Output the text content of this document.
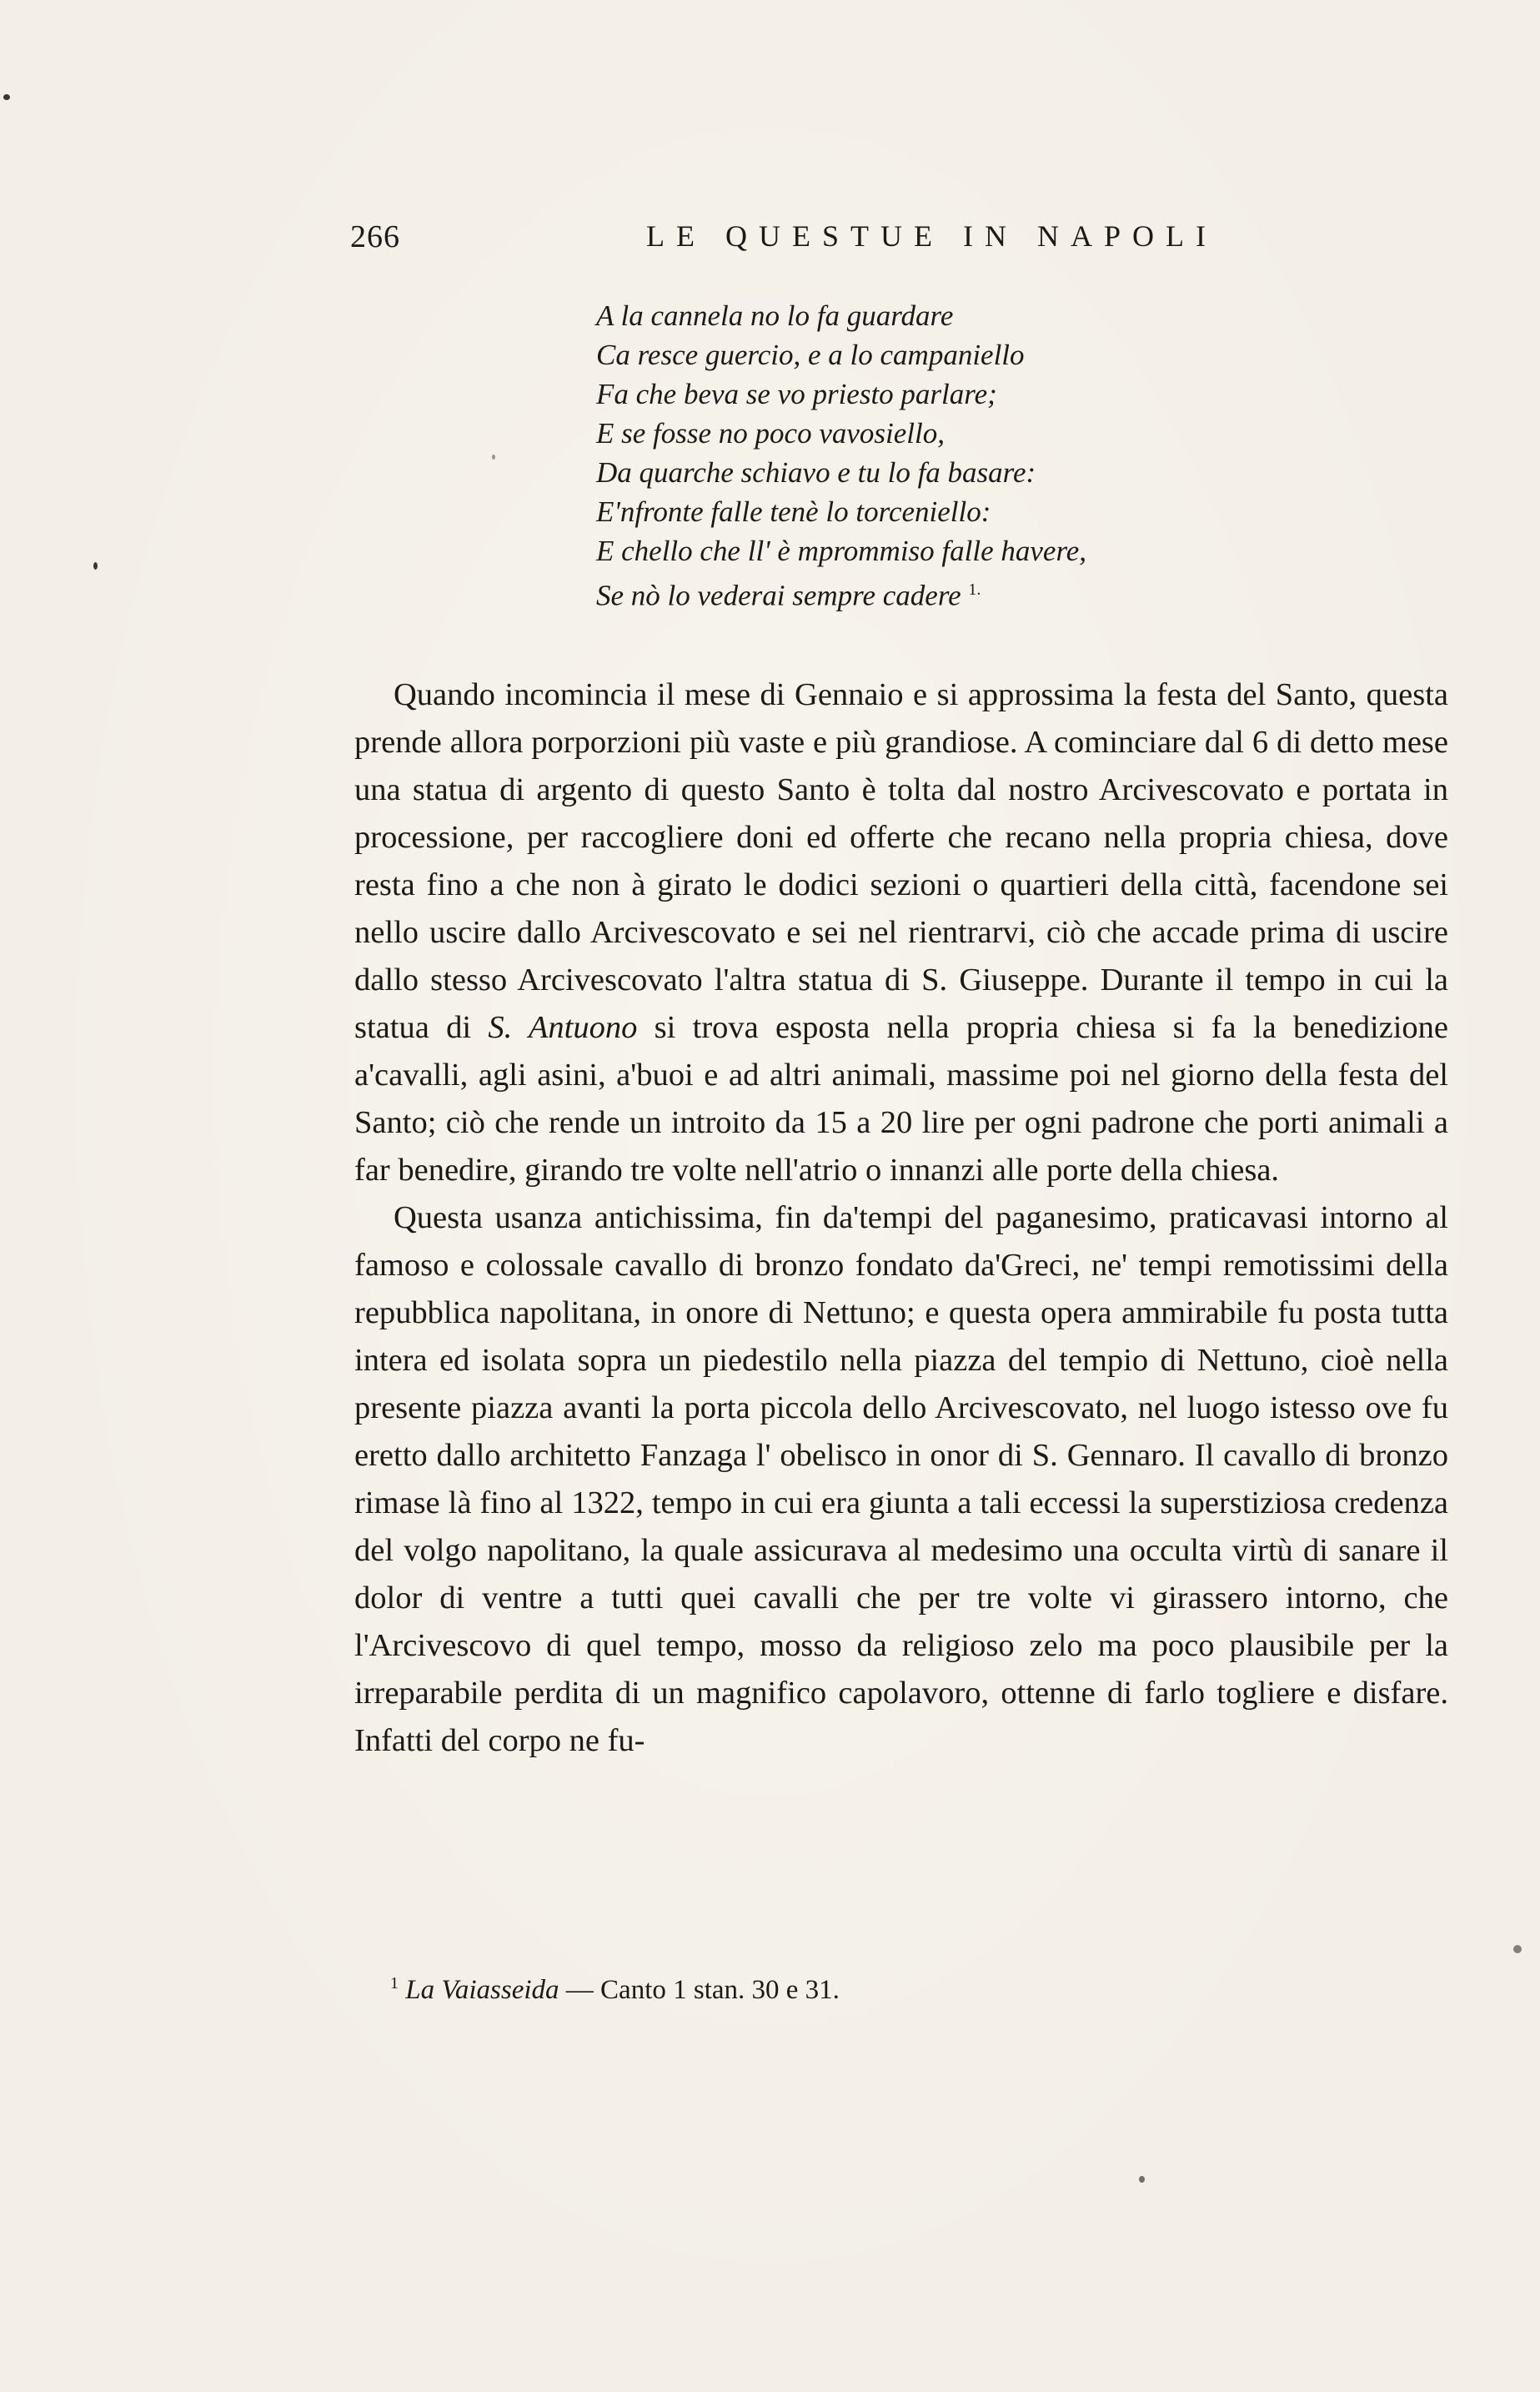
266	LE QUESTUE IN NAPOLI
A la cannela no lo fa guardare
Ca resce guercio, e a lo campaniello
Fa che beva se vo priesto parlare;
E se fosse no poco vavosiello,
Da quarche schiavo e tu lo fa basare:
E'nfronte falle tenè lo torceniello:
E chello che ll' è mprommiso falle havere,
Se nò lo vederai sempre cadere $^{1.}$

Quando incomincia il mese di Gennaio e si approssima la festa del Santo, questa prende allora porporzioni più vaste e più grandiose. A cominciare dal 6 di detto mese una statua di argento di questo Santo è tolta dal nostro Arcivescovato e portata in processione, per raccogliere doni ed offerte che recano nella propria chiesa, dove resta fino a che non à girato le dodici sezioni o quartieri della città, facendone sei nello uscire dallo Arcivescovato e sei nel rientrarvi, ciò che accade prima di uscire dallo stesso Arcivescovato l'altra statua di S. Giuseppe. Durante il tempo in cui la statua di S. Antuono si trova esposta nella propria chiesa si fa la benedizione a'cavalli, agli asini, a'buoi e ad altri animali, massime poi nel giorno della festa del Santo; ciò che rende un introito da 15 a 20 lire per ogni padrone che porti animali a far benedire, girando tre volte nell'atrio o innanzi alle porte della chiesa.

Questa usanza antichissima, fin da'tempi del paganesimo, praticavasi intorno al famoso e colossale cavallo di bronzo fondato da'Greci, ne' tempi remotissimi della repubblica napolitana, in onore di Nettuno; e questa opera ammirabile fu posta tutta intera ed isolata sopra un piedestilo nella piazza del tempio di Nettuno, cioè nella presente piazza avanti la porta piccola dello Arcivescovato, nel luogo istesso ove fu eretto dallo architetto Fanzaga l' obelisco in onor di S. Gennaro. Il cavallo di bronzo rimase là fino al 1322, tempo in cui era giunta a tali eccessi la superstiziosa credenza del volgo napolitano, la quale assicurava al medesimo una occulta virtù di sanare il dolor di ventre a tutti quei cavalli che per tre volte vi girassero intorno, che l'Arcivescovo di quel tempo, mosso da religioso zelo ma poco plausibile per la irreparabile perdita di un magnifico capolavoro, ottenne di farlo togliere e disfare. Infatti del corpo ne fu-

$^1$ La Vaiasseida — Canto 1 stan. 30 e 31.
